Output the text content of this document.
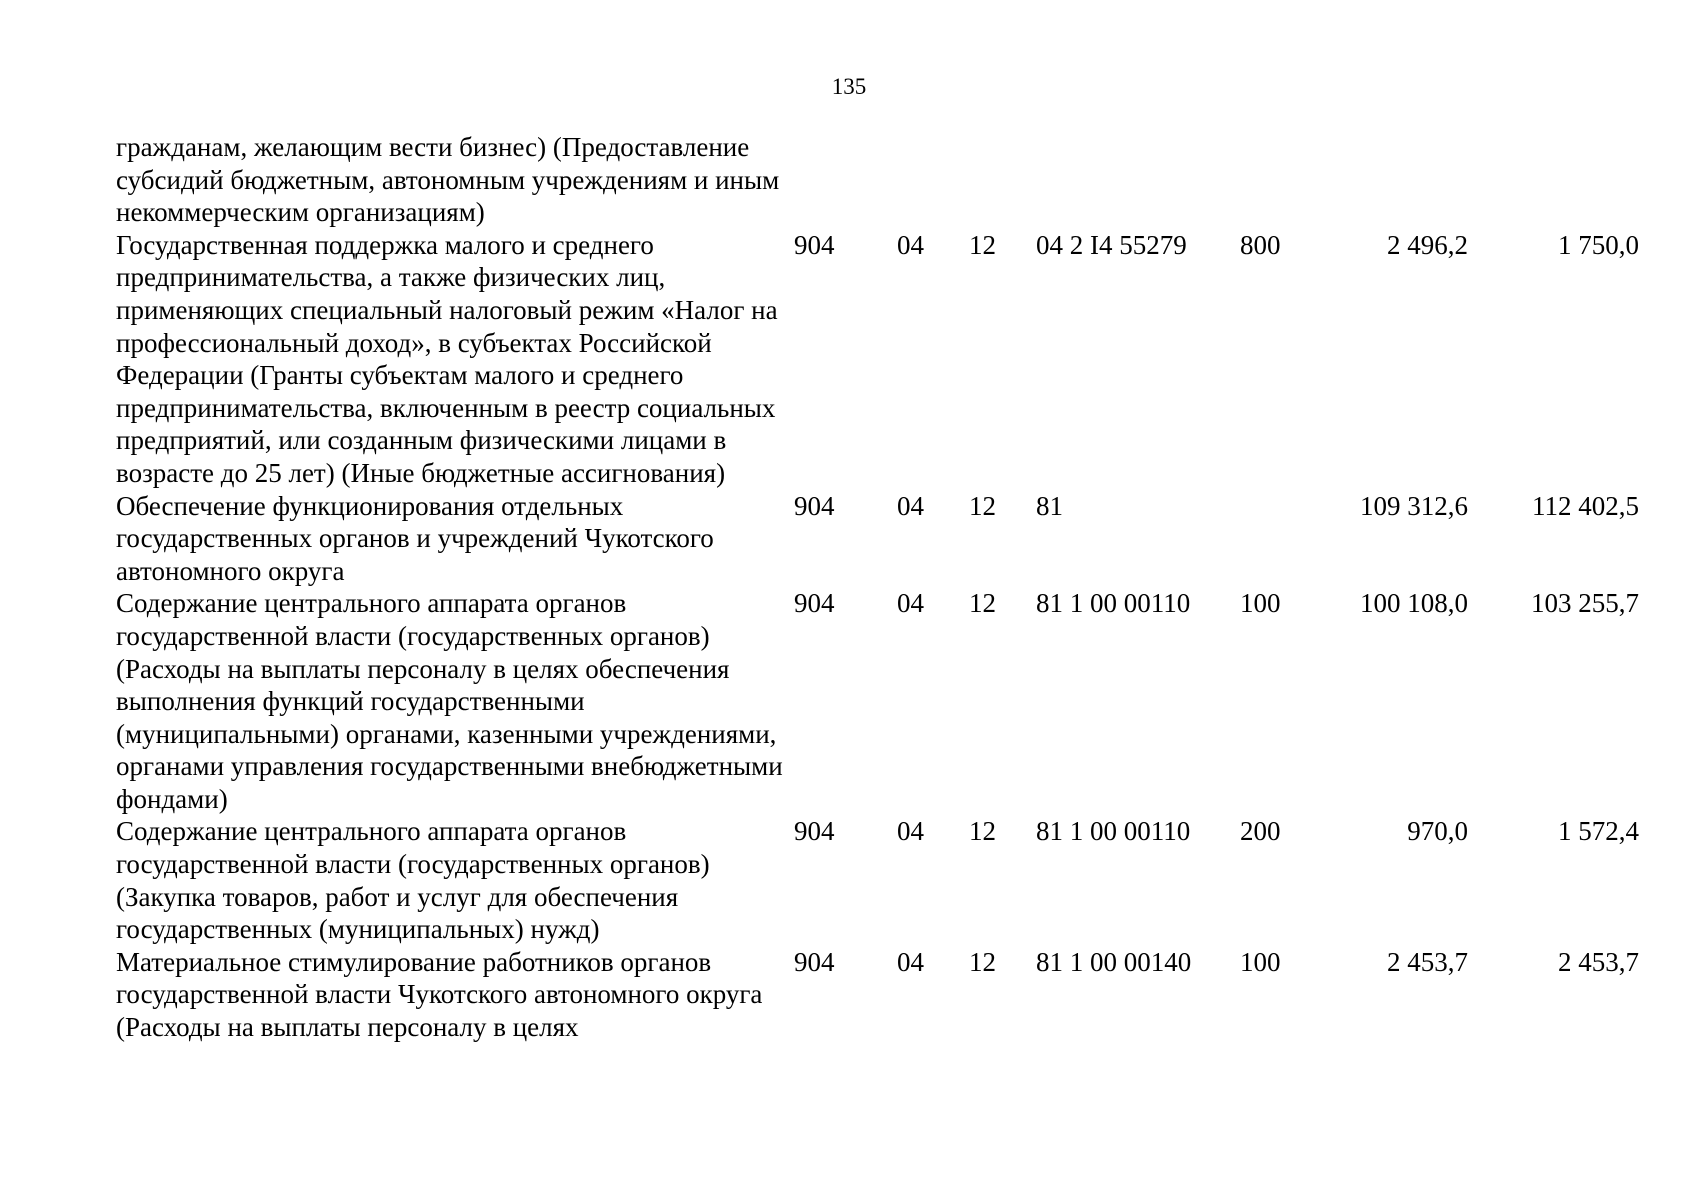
135
гражданам, желающим вести бизнес) (Предоставление субсидий бюджетным, автономным учреждениям и иным некоммерческим организациям)							
Государственная поддержка малого и среднего предпринимательства, а также физических лиц, применяющих специальный налоговый режим «Налог на профессиональный доход», в субъектах Российской Федерации (Гранты субъектам малого и среднего предпринимательства, включенным в реестр социальных предприятий, или созданным физическими лицами в возрасте до 25 лет) (Иные бюджетные ассигнования)	904	04	12	04 2 I4 55279	800	2 496,2	1 750,0
Обеспечение функционирования отдельных государственных органов и учреждений Чукотского автономного округа	904	04	12	81		109 312,6	112 402,5
Содержание центрального аппарата органов государственной власти (государственных органов) (Расходы на выплаты персоналу в целях обеспечения выполнения функций государственными (муниципальными) органами, казенными учреждениями, органами управления государственными внебюджетными фондами)	904	04	12	81 1 00 00110	100	100 108,0	103 255,7
Содержание центрального аппарата органов государственной власти (государственных органов) (Закупка товаров, работ и услуг для обеспечения государственных (муниципальных) нужд)	904	04	12	81 1 00 00110	200	970,0	1 572,4
Материальное стимулирование работников органов государственной власти Чукотского автономного округа (Расходы на выплаты персоналу в целях	904	04	12	81 1 00 00140	100	2 453,7	2 453,7
